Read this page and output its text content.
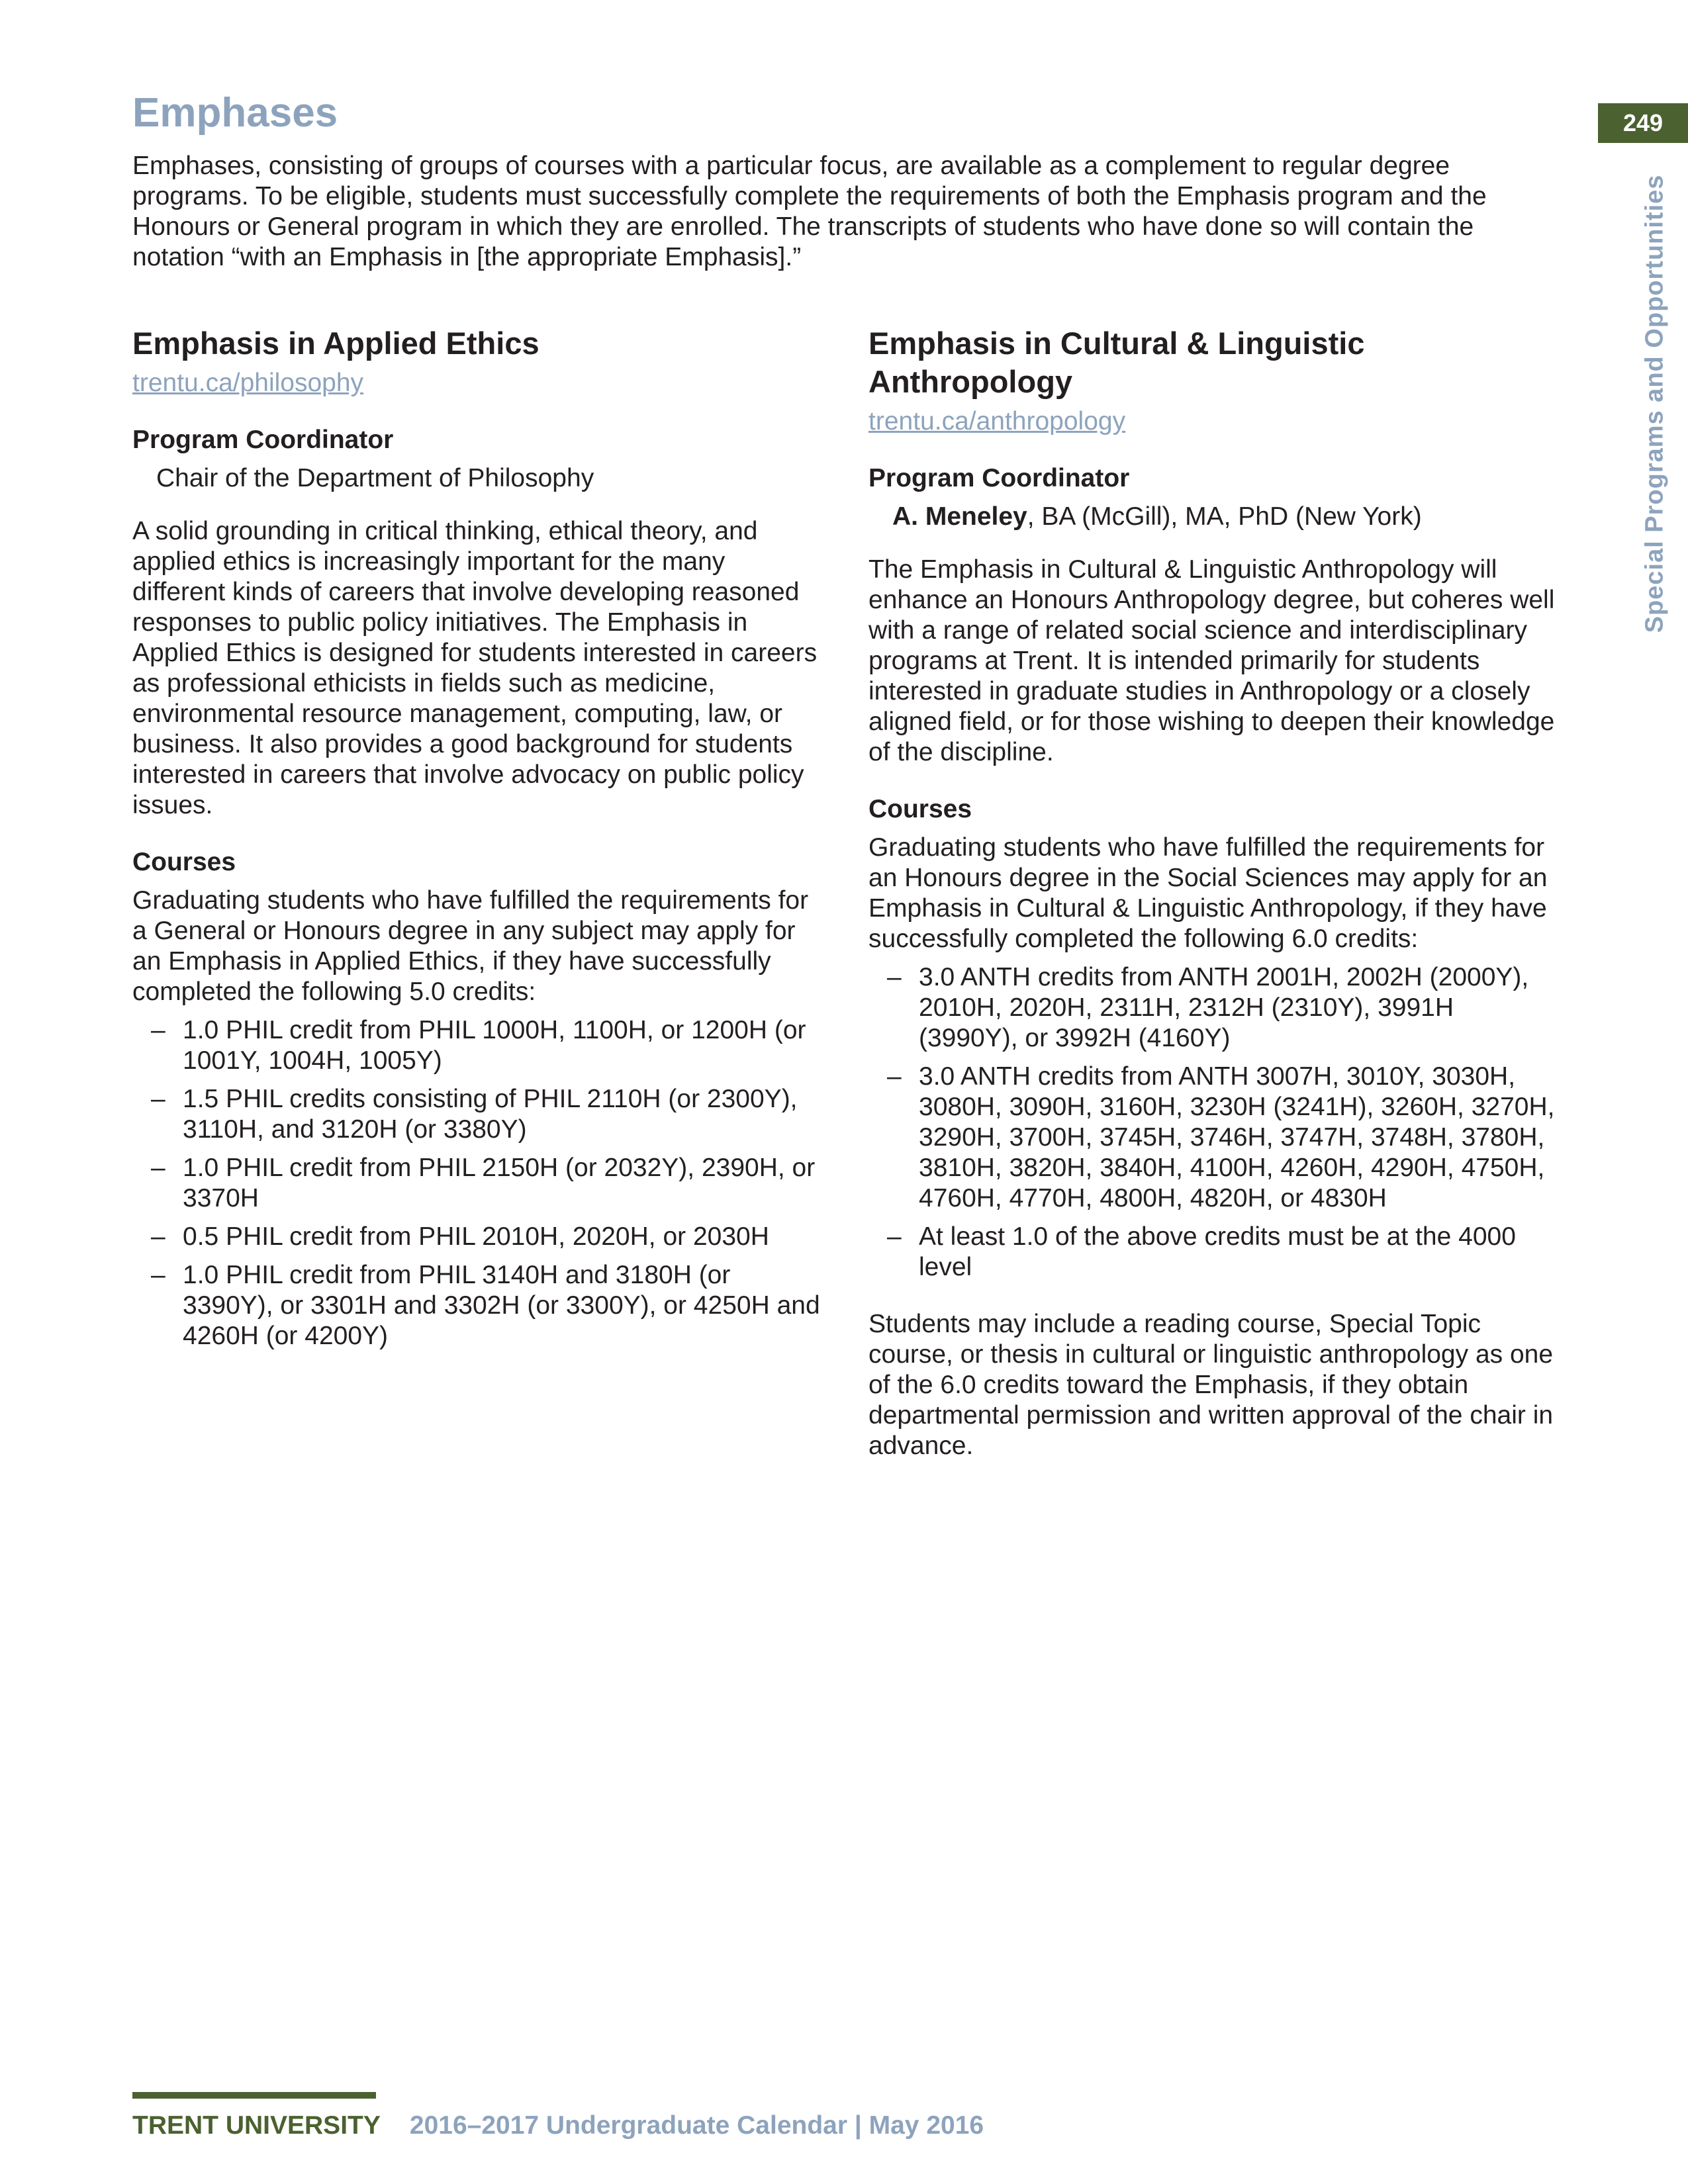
Emphases

Emphases, consisting of groups of courses with a particular focus, are available as a complement to regular degree programs. To be eligible, students must successfully complete the requirements of both the Emphasis program and the Honours or General program in which they are enrolled. The transcripts of students who have done so will contain the notation “with an Emphasis in [the appropriate Emphasis].”

249
Special Programs and Opportunities
Emphasis in Applied Ethics
trentu.ca/philosophy
Program Coordinator
Chair of the Department of Philosophy

A solid grounding in critical thinking, ethical theory, and applied ethics is increasingly important for the many different kinds of careers that involve developing reasoned responses to public policy initiatives. The Emphasis in Applied Ethics is designed for students interested in careers as professional ethicists in fields such as medicine, environmental resource management, computing, law, or business. It also provides a good background for students interested in careers that involve advocacy on public policy issues.

Courses

Graduating students who have fulfilled the requirements for a General or Honours degree in any subject may apply for an Emphasis in Applied Ethics, if they have successfully completed the following 5.0 credits:

– 1.0 PHIL credit from PHIL 1000H, 1100H, or 1200H (or 1001Y, 1004H, 1005Y)
– 1.5 PHIL credits consisting of PHIL 2110H (or 2300Y), 3110H, and 3120H (or 3380Y)
– 1.0 PHIL credit from PHIL 2150H (or 2032Y), 2390H, or 3370H
– 0.5 PHIL credit from PHIL 2010H, 2020H, or 2030H
– 1.0 PHIL credit from PHIL 3140H and 3180H (or 3390Y), or 3301H and 3302H (or 3300Y), or 4250H and 4260H (or 4200Y)
Emphasis in Cultural & Linguistic Anthropology
trentu.ca/anthropology
Program Coordinator
A. Meneley, BA (McGill), MA, PhD (New York)

The Emphasis in Cultural & Linguistic Anthropology will enhance an Honours Anthropology degree, but coheres well with a range of related social science and interdisciplinary programs at Trent. It is intended primarily for students interested in graduate studies in Anthropology or a closely aligned field, or for those wishing to deepen their knowledge of the discipline.

Courses

Graduating students who have fulfilled the requirements for an Honours degree in the Social Sciences may apply for an Emphasis in Cultural & Linguistic Anthropology, if they have successfully completed the following 6.0 credits:

– 3.0 ANTH credits from ANTH 2001H, 2002H (2000Y), 2010H, 2020H, 2311H, 2312H (2310Y), 3991H (3990Y), or 3992H (4160Y)
– 3.0 ANTH credits from ANTH 3007H, 3010Y, 3030H, 3080H, 3090H, 3160H, 3230H (3241H), 3260H, 3270H, 3290H, 3700H, 3745H, 3746H, 3747H, 3748H, 3780H, 3810H, 3820H, 3840H, 4100H, 4260H, 4290H, 4750H, 4760H, 4770H, 4800H, 4820H, or 4830H
– At least 1.0 of the above credits must be at the 4000 level

Students may include a reading course, Special Topic course, or thesis in cultural or linguistic anthropology as one of the 6.0 credits toward the Emphasis, if they obtain departmental permission and written approval of the chair in advance.

TRENT UNIVERSITY 2016–2017 Undergraduate Calendar | May 2016
